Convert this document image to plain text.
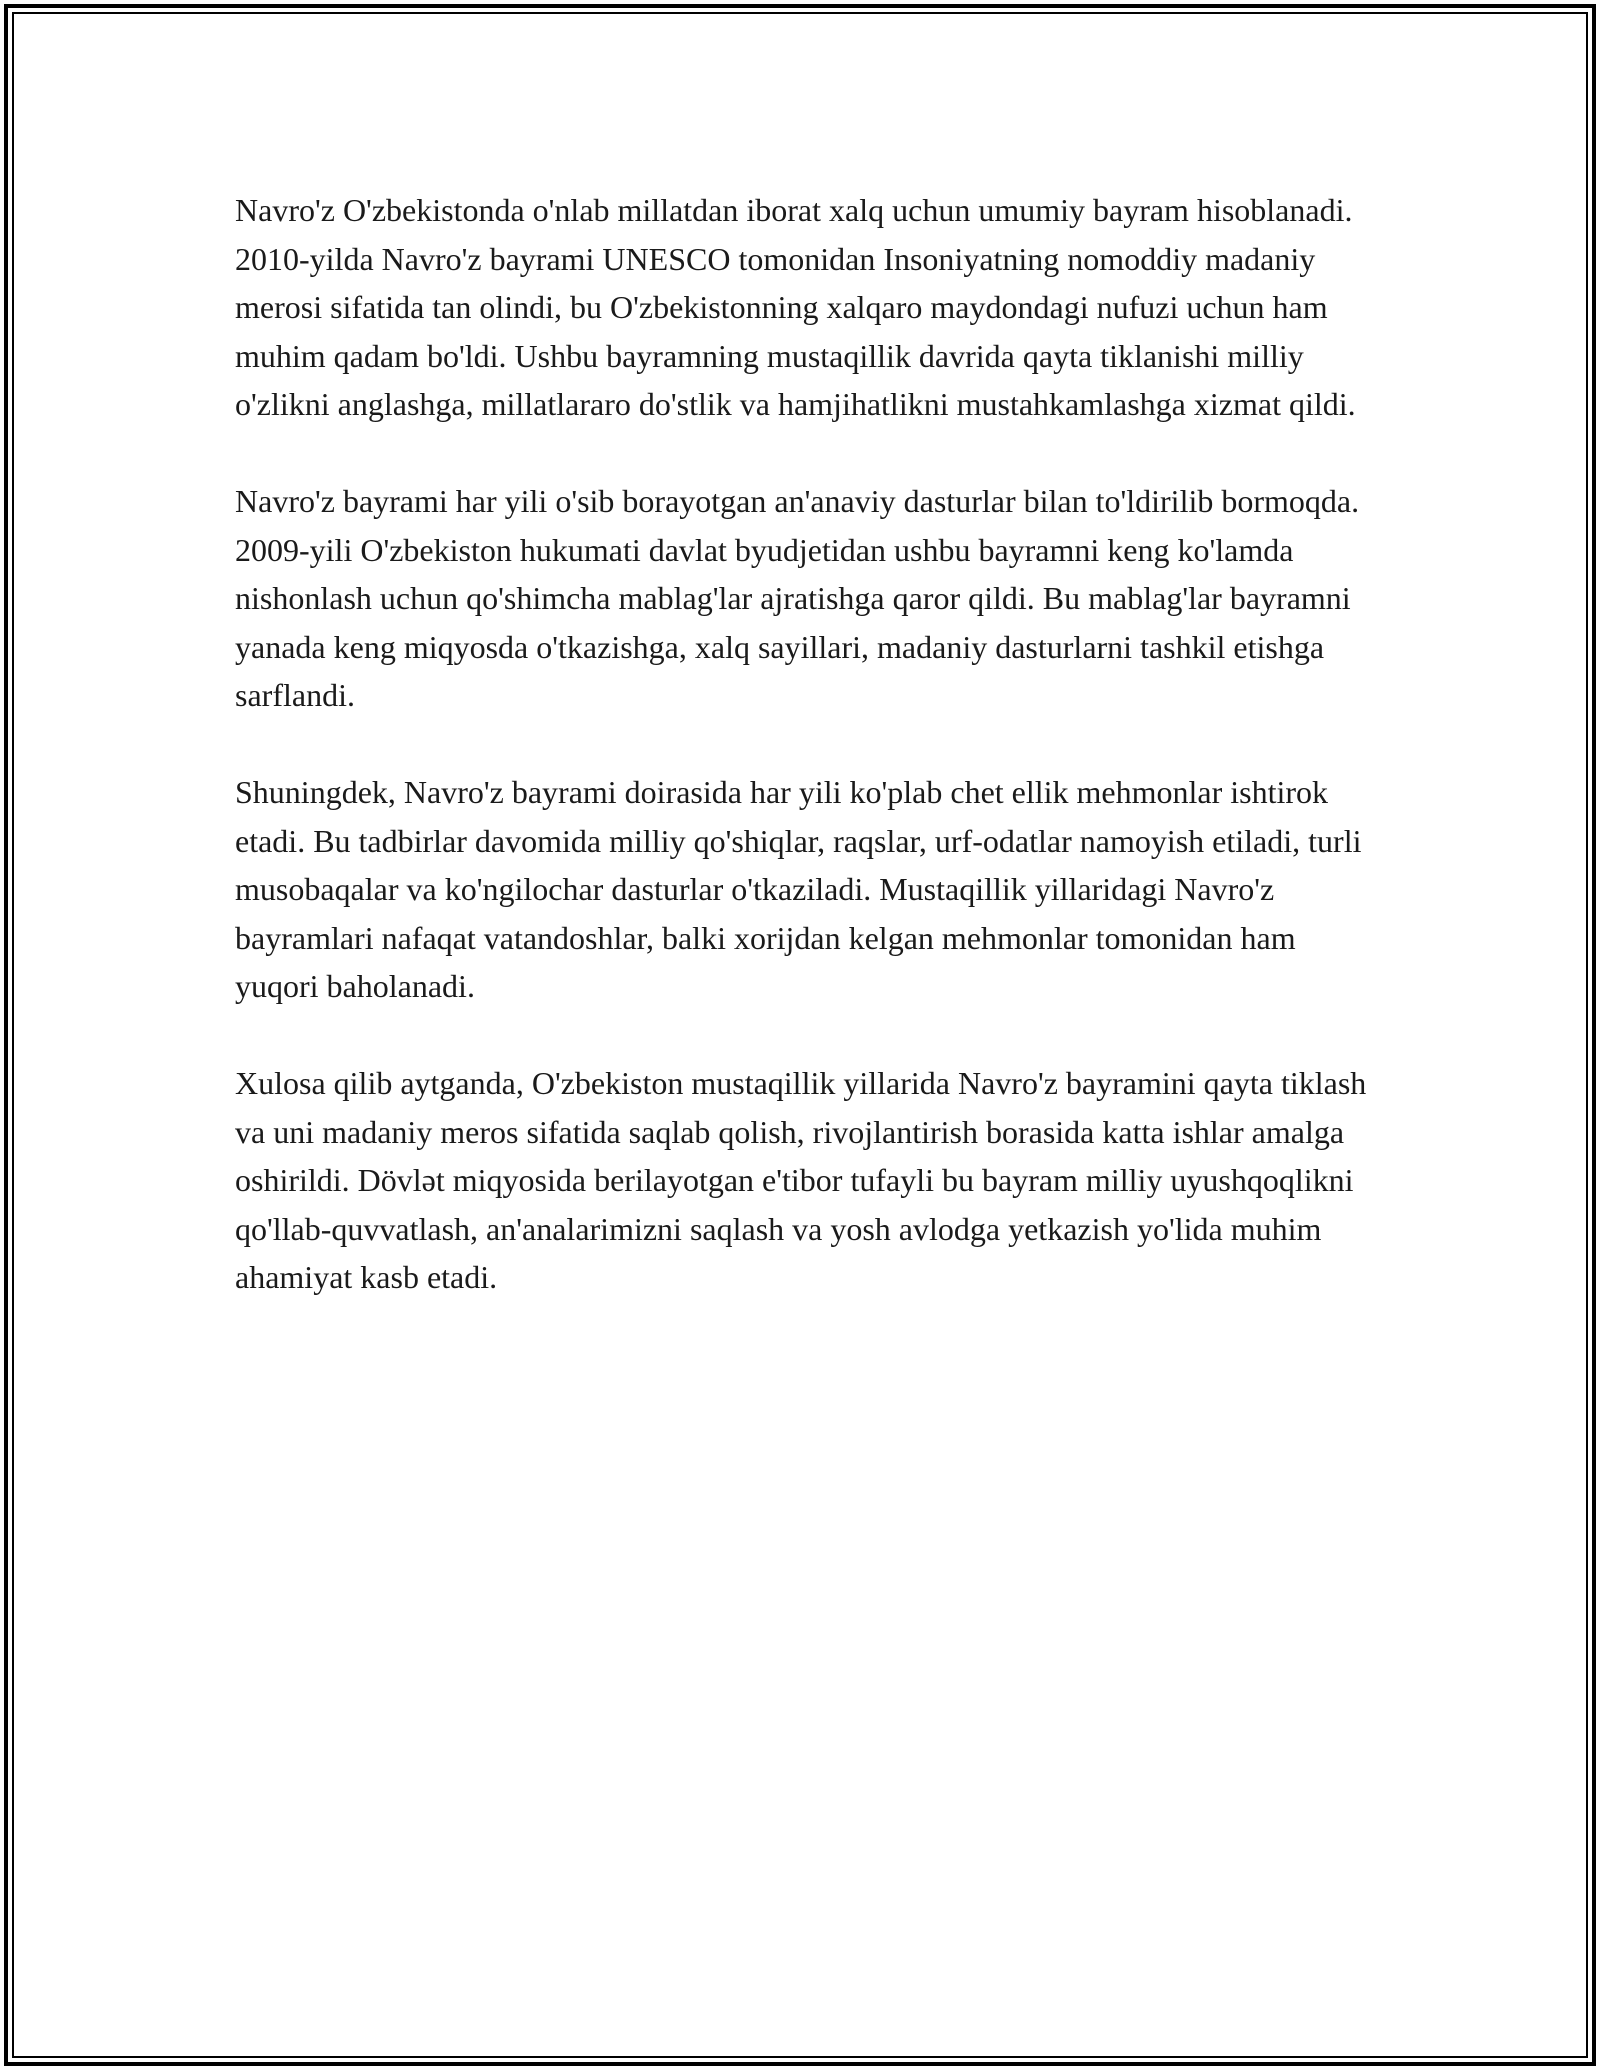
Navro'z O'zbekistonda o'nlab millatdan iborat xalq uchun umumiy bayram hisoblanadi. 2010-yilda Navro'z bayrami UNESCO tomonidan Insoniyatning nomoddiy madaniy merosi sifatida tan olindi, bu O'zbekistonning xalqaro maydondagi nufuzi uchun ham muhim qadam bo'ldi. Ushbu bayramning mustaqillik davrida qayta tiklanishi milliy o'zlikni anglashga, millatlararo do'stlik va hamjihatlikni mustahkamlashga xizmat qildi.

Navro'z bayrami har yili o'sib borayotgan an'anaviy dasturlar bilan to'ldirilib bormoqda. 2009-yili O'zbekiston hukumati davlat byudjetidan ushbu bayramni keng ko'lamda nishonlash uchun qo'shimcha mablag'lar ajratishga qaror qildi. Bu mablag'lar bayramni yanada keng miqyosda o'tkazishga, xalq sayillari, madaniy dasturlarni tashkil etishga sarflandi.

Shuningdek, Navro'z bayrami doirasida har yili ko'plab chet ellik mehmonlar ishtirok etadi. Bu tadbirlar davomida milliy qo'shiqlar, raqslar, urf-odatlar namoyish etiladi, turli musobaqalar va ko'ngilochar dasturlar o'tkaziladi. Mustaqillik yillaridagi Navro'z bayramlari nafaqat vatandoshlar, balki xorijdan kelgan mehmonlar tomonidan ham yuqori baholanadi.

Xulosa qilib aytganda, O'zbekiston mustaqillik yillarida Navro'z bayramini qayta tiklash va uni madaniy meros sifatida saqlab qolish, rivojlantirish borasida katta ishlar amalga oshirildi. Dövlət miqyosida berilayotgan e'tibor tufayli bu bayram milliy uyushqoqlikni qo'llab-quvvatlash, an'analarimizni saqlash va yosh avlodga yetkazish yo'lida muhim ahamiyat kasb etadi.
